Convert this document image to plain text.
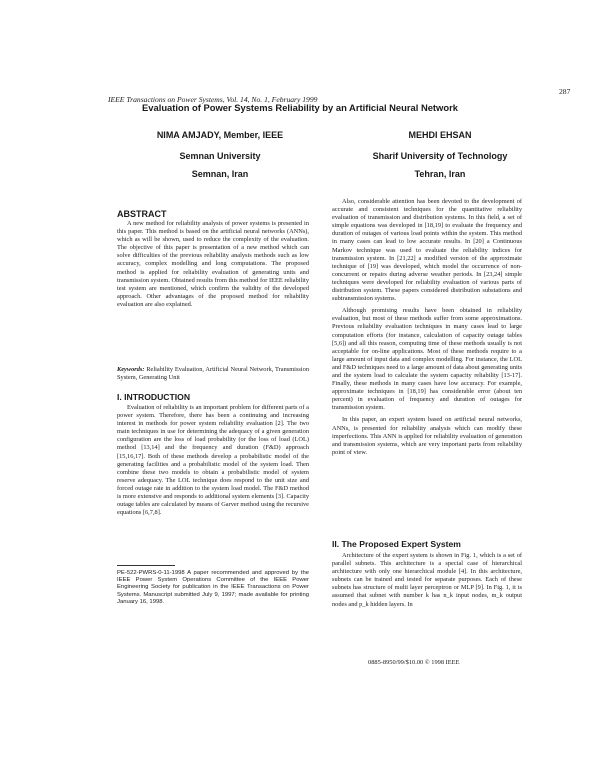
IEEE Transactions on Power Systems, Vol. 14, No. 1, February 1999
287
Evaluation of Power Systems Reliability by an Artificial Neural Network
NIMA AMJADY, Member, IEEE
Semnan University
Semnan, Iran
MEHDI EHSAN
Sharif University of Technology
Tehran, Iran
ABSTRACT

A new method for reliability analysis of power systems is presented in this paper. This method is based on the artificial neural networks (ANNs), which as will be shown, used to reduce the complexity of the evaluation. The objective of this paper is presentation of a new method which can solve difficulties of the previous reliability analysis methods such as low accuracy, complex modelling and long computations. The proposed method is applied for reliability evaluation of generating units and transmission system. Obtained results from this method for IEEE reliability test system are mentioned, which confirm the validity of the developed approach. Other advantages of the proposed method for reliability evaluation are also explained.

Keywords: Reliability Evaluation, Artificial Neural Network, Transmission System, Generating Unit
I. INTRODUCTION

Evaluation of reliability is an important problem for different parts of a power system. Therefore, there has been a continuing and increasing interest in methods for power system reliability evaluation [2]. The two main techniques in use for determining the adequacy of a given generation configuration are the loss of load probability (or the loss of load (LOL) method [13,14] and the frequency and duration (F&D) approach [15,16,17]. Both of these methods develop a probabilistic model of the generating facilities and a probabilistic model of the system load. Then combine these two models to obtain a probabilistic model of system reserve adequacy. The LOL technique does respond to the unit size and forced outage rate in addition to the system load model. The F&D method is more extensive and responds to additional system elements [3]. Capacity outage tables are calculated by means of Garver method using the recursive equations [6,7,8].

PE-522-PWRS-0-11-1998 A paper recommended and approved by the IEEE Power System Operations Committee of the IEEE Power Engineering Society for publication in the IEEE Transactions on Power Systems. Manuscript submitted July 9, 1997; made available for printing January 16, 1998.

Also, considerable attention has been devoted to the development of accurate and consistent techniques for the quantitative reliability evaluation of transmission and distribution systems. In this field, a set of simple equations was developed in [18,19] to evaluate the frequency and duration of outages of various load points within the system. This method in many cases can lead to low accurate results. In [20] a Continuous Markov technique was used to evaluate the reliability indices for transmission system. In [21,22] a modified version of the approximate technique of [19] was developed, which model the occurrence of non-concurrent or repairs during adverse weather periods. In [23,24] simple techniques were developed for reliability evaluation of various parts of distribution system. These papers considered distribution substations and subtransmission systems.

Although promising results have been obtained in reliability evaluation, but most of these methods suffer from some approximations. Previous reliability evaluation techniques in many cases lead to large computation efforts (for instance, calculation of capacity outage tables [5,6]) and all this reason, computing time of these methods usually is not acceptable for on-line applications. Most of these methods require to a large amount of input data and complex modelling. For instance, the LOL and F&D techniques need to a large amount of data about generating units and the system load to calculate the system capacity reliability [13-17]. Finally, these methods in many cases have low accuracy. For example, approximate techniques in [18,19] has considerable error (about ten percent) in evaluation of frequency and duration of outages for transmission system.

In this paper, an expert system based on artificial neural networks, ANNs, is presented for reliability analysis which can modify these imperfections. This ANN is applied for reliability evaluation of generation and transmission systems, which are very important parts from reliability point of view.

II. The Proposed Expert System

Architecture of the expert system is shown in Fig. 1, which is a set of parallel subnets. This architecture is a special case of hierarchical architecture with only one hierarchical module [4]. In this architecture, subnets can be trained and tested for separate purposes. Each of these subnets has structure of multi layer perceptron or MLP [9]. In Fig. 1, it is assumed that subnet with number k has n_k input nodes, m_k output nodes and p_k hidden layers. In

0885-8950/99/$10.00 © 1998 IEEE
